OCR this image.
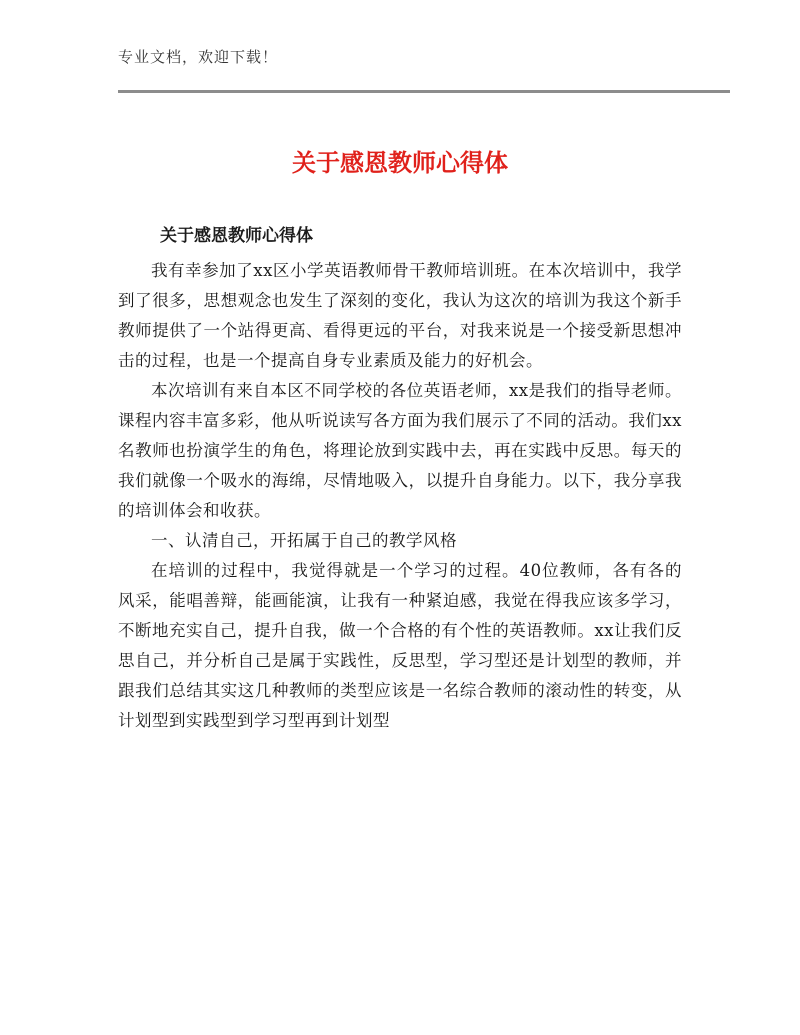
专业文档，欢迎下载！
关于感恩教师心得体
关于感恩教师心得体

我有幸参加了xx区小学英语教师骨干教师培训班。在本次培训中，我学到了很多，思想观念也发生了深刻的变化，我认为这次的培训为我这个新手教师提供了一个站得更高、看得更远的平台，对我来说是一个接受新思想冲击的过程，也是一个提高自身专业素质及能力的好机会。

本次培训有来自本区不同学校的各位英语老师，xx是我们的指导老师。课程内容丰富多彩，他从听说读写各方面为我们展示了不同的活动。我们xx名教师也扮演学生的角色，将理论放到实践中去，再在实践中反思。每天的我们就像一个吸水的海绵，尽情地吸入，以提升自身能力。以下，我分享我的培训体会和收获。

一、认清自己，开拓属于自己的教学风格

在培训的过程中，我觉得就是一个学习的过程。40位教师，各有各的风采，能唱善辩，能画能演，让我有一种紧迫感，我觉在得我应该多学习，不断地充实自己，提升自我，做一个合格的有个性的英语教师。xx让我们反思自己，并分析自己是属于实践性，反思型，学习型还是计划型的教师，并跟我们总结其实这几种教师的类型应该是一名综合教师的滚动性的转变，从计划型到实践型到学习型再到计划型
